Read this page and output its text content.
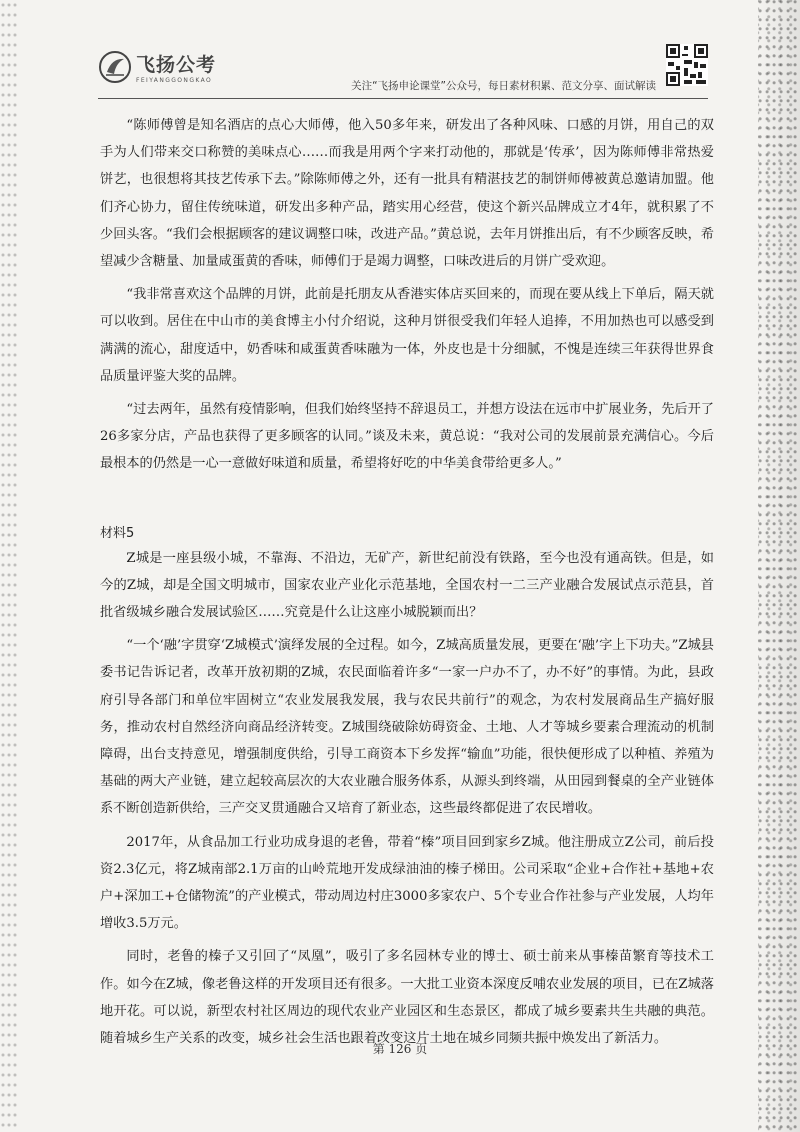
飞扬公考
FEIYANGGONGKAO	关注“飞扬申论课堂”公众号，每日素材积累、范文分享、面试解读

“陈师傅曾是知名酒店的点心大师傅，他入50多年来，研发出了各种风味、口感的月饼，用自己的双手为人们带来交口称赞的美味点心……而我是用两个字来打动他的，那就是‘传承’，因为陈师傅非常热爱饼艺，也很想将其技艺传承下去。”除陈师傅之外，还有一批具有精湛技艺的制饼师傅被黄总邀请加盟。他们齐心协力，留住传统味道，研发出多种产品，踏实用心经营，使这个新兴品牌成立才4年，就积累了不少回头客。“我们会根据顾客的建议调整口味，改进产品。”黄总说，去年月饼推出后，有不少顾客反映，希望减少含糖量、加量咸蛋黄的香味，师傅们于是竭力调整，口味改进后的月饼广受欢迎。

“我非常喜欢这个品牌的月饼，此前是托朋友从香港实体店买回来的，而现在要从线上下单后，隔天就可以收到。居住在中山市的美食博主小付介绍说，这种月饼很受我们年轻人追捧，不用加热也可以感受到满满的流心，甜度适中，奶香味和咸蛋黄香味融为一体，外皮也是十分细腻，不愧是连续三年获得世界食品质量评鉴大奖的品牌。

“过去两年，虽然有疫情影响，但我们始终坚持不辞退员工，并想方设法在远市中扩展业务，先后开了26多家分店，产品也获得了更多顾客的认同。”谈及未来，黄总说：“我对公司的发展前景充满信心。今后最根本的仍然是一心一意做好味道和质量，希望将好吃的中华美食带给更多人。”

材料5

Z城是一座县级小城，不靠海、不沿边，无矿产，新世纪前没有铁路，至今也没有通高铁。但是，如今的Z城，却是全国文明城市，国家农业产业化示范基地，全国农村一二三产业融合发展试点示范县，首批省级城乡融合发展试验区……究竟是什么让这座小城脱颖而出？

“一个‘融’字贯穿‘Z城模式’演绎发展的全过程。如今，Z城高质量发展，更要在‘融’字上下功夫。”Z城县委书记告诉记者，改革开放初期的Z城，农民面临着许多“一家一户办不了，办不好”的事情。为此，县政府引导各部门和单位牢固树立“农业发展我发展，我与农民共前行”的观念，为农村发展商品生产搞好服务，推动农村自然经济向商品经济转变。Z城围绕破除妨碍资金、土地、人才等城乡要素合理流动的机制障碍，出台支持意见，增强制度供给，引导工商资本下乡发挥“输血”功能，很快便形成了以种植、养殖为基础的两大产业链，建立起较高层次的大农业融合服务体系，从源头到终端，从田园到餐桌的全产业链体系不断创造新供给，三产交叉贯通融合又培育了新业态，这些最终都促进了农民增收。

2017年，从食品加工行业功成身退的老鲁，带着“榛”项目回到家乡Z城。他注册成立Z公司，前后投资2.3亿元，将Z城南部2.1万亩的山岭荒地开发成绿油油的榛子梯田。公司采取“企业+合作社+基地+农户+深加工+仓储物流”的产业模式，带动周边村庄3000多家农户、5个专业合作社参与产业发展，人均年增收3.5万元。

同时，老鲁的榛子又引回了“凤凰”，吸引了多名园林专业的博士、硕士前来从事榛苗繁育等技术工作。如今在Z城，像老鲁这样的开发项目还有很多。一大批工业资本深度反哺农业发展的项目，已在Z城落地开花。可以说，新型农村社区周边的现代农业产业园区和生态景区，都成了城乡要素共生共融的典范。随着城乡生产关系的改变，城乡社会生活也跟着改变这片土地在城乡同频共振中焕发出了新活力。

第 126 页
